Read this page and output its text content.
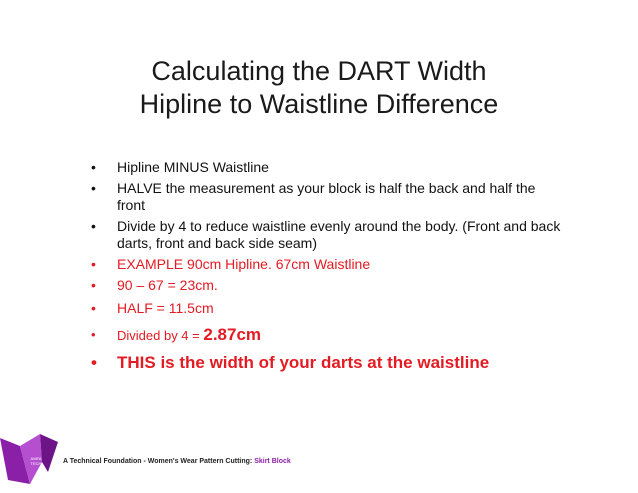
Calculating the DART Width
Hipline to Waistline Difference
• Hipline MINUS Waistline
• HALVE the measurement as your block is half the back and half the front
• Divide by 4 to reduce waistline evenly around the body. (Front and back darts, front and back side seam)
• EXAMPLE 90cm Hipline. 67cm Waistline
• 90 – 67 = 23cm.
• HALF = 11.5cm
• Divided by 4 = 2.87cm
• THIS is the width of your darts at the waistline
AMFA
TECH	A Technical Foundation - Women's Wear Pattern Cutting: Skirt Block
